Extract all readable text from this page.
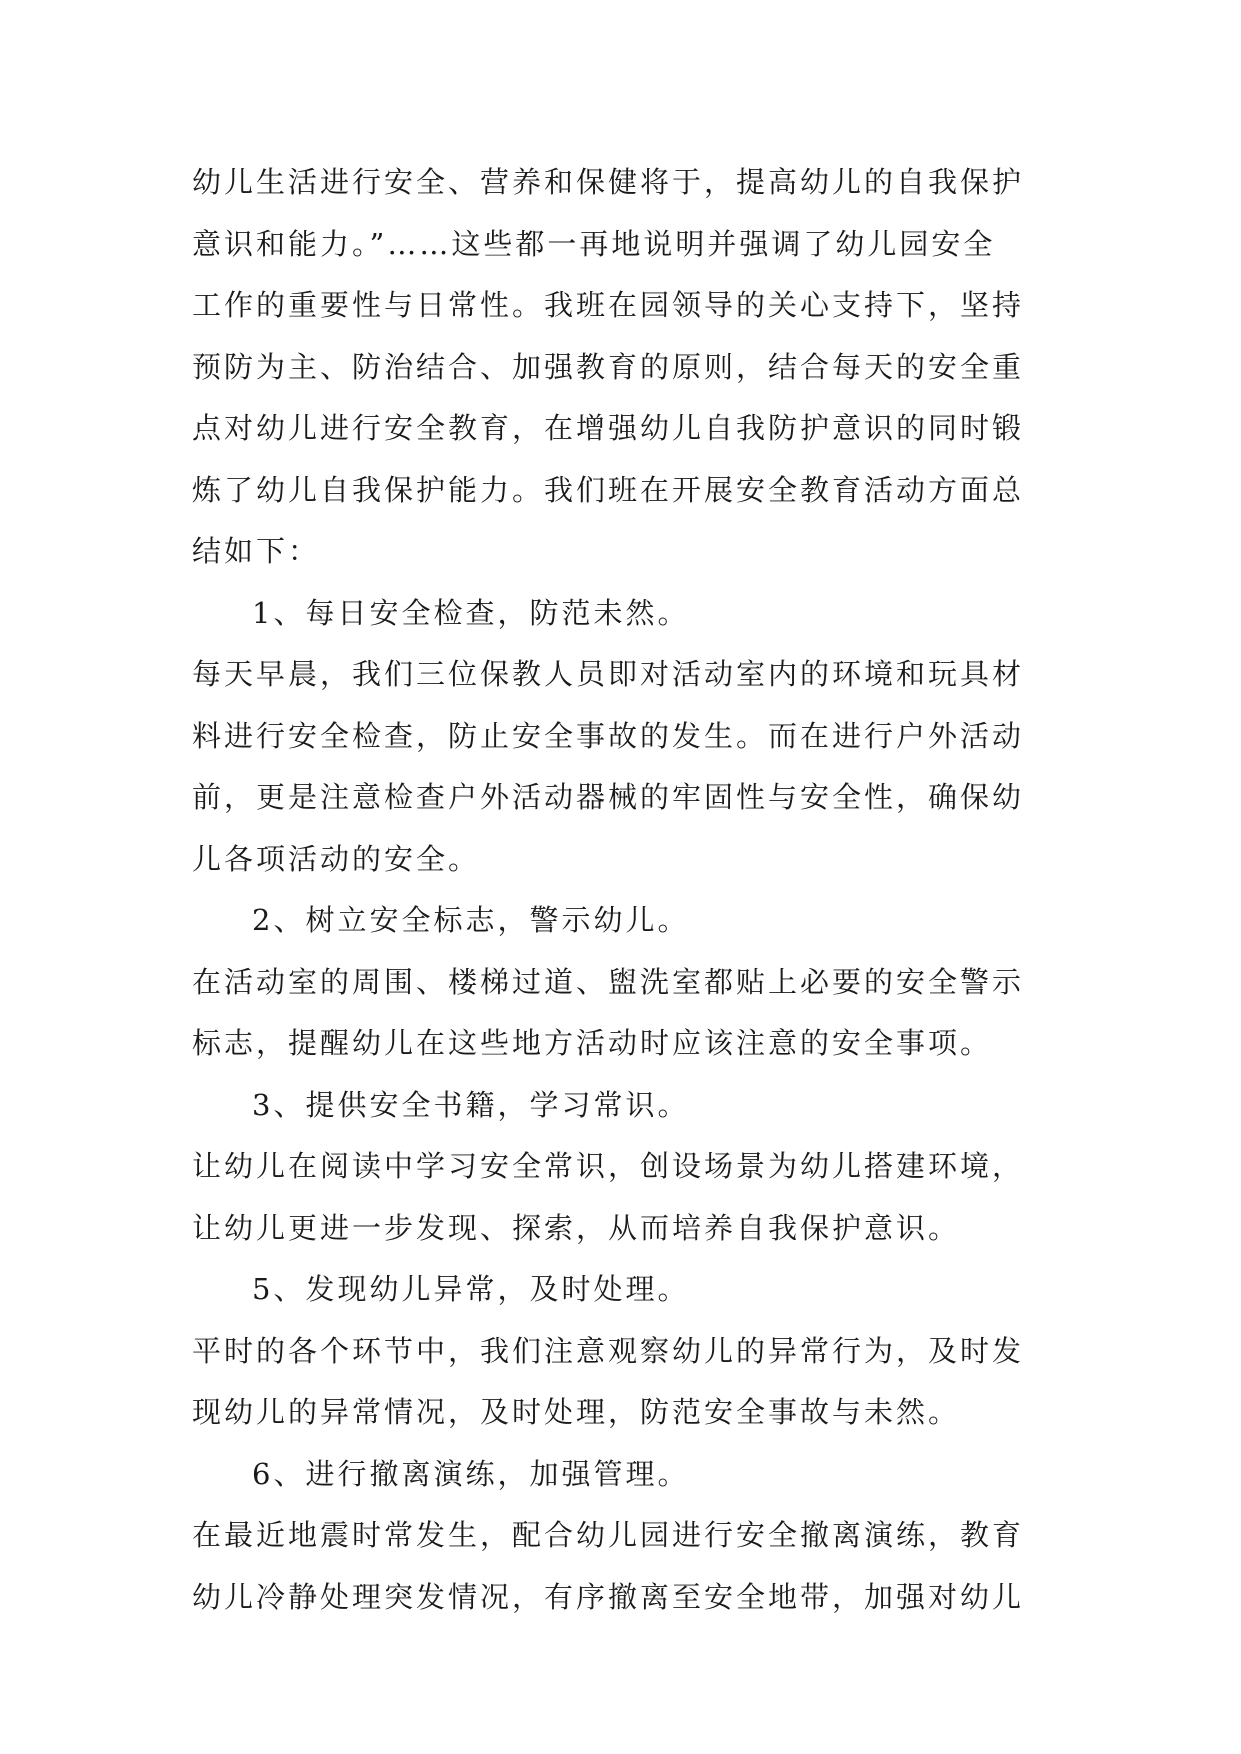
幼儿生活进行安全、营养和保健将于，提高幼儿的自我保护
意识和能力。”……这些都一再地说明并强调了幼儿园安全
工作的重要性与日常性。我班在园领导的关心支持下，坚持
预防为主、防治结合、加强教育的原则，结合每天的安全重
点对幼儿进行安全教育，在增强幼儿自我防护意识的同时锻
炼了幼儿自我保护能力。我们班在开展安全教育活动方面总
结如下：
1、每日安全检查，防范未然。
每天早晨，我们三位保教人员即对活动室内的环境和玩具材
料进行安全检查，防止安全事故的发生。而在进行户外活动
前，更是注意检查户外活动器械的牢固性与安全性，确保幼
儿各项活动的安全。
2、树立安全标志，警示幼儿。
在活动室的周围、楼梯过道、盥洗室都贴上必要的安全警示
标志，提醒幼儿在这些地方活动时应该注意的安全事项。
3、提供安全书籍，学习常识。
让幼儿在阅读中学习安全常识，创设场景为幼儿搭建环境，
让幼儿更进一步发现、探索，从而培养自我保护意识。
5、发现幼儿异常，及时处理。
平时的各个环节中，我们注意观察幼儿的异常行为，及时发
现幼儿的异常情况，及时处理，防范安全事故与未然。
6、进行撤离演练，加强管理。
在最近地震时常发生，配合幼儿园进行安全撤离演练，教育
幼儿冷静处理突发情况，有序撤离至安全地带，加强对幼儿
